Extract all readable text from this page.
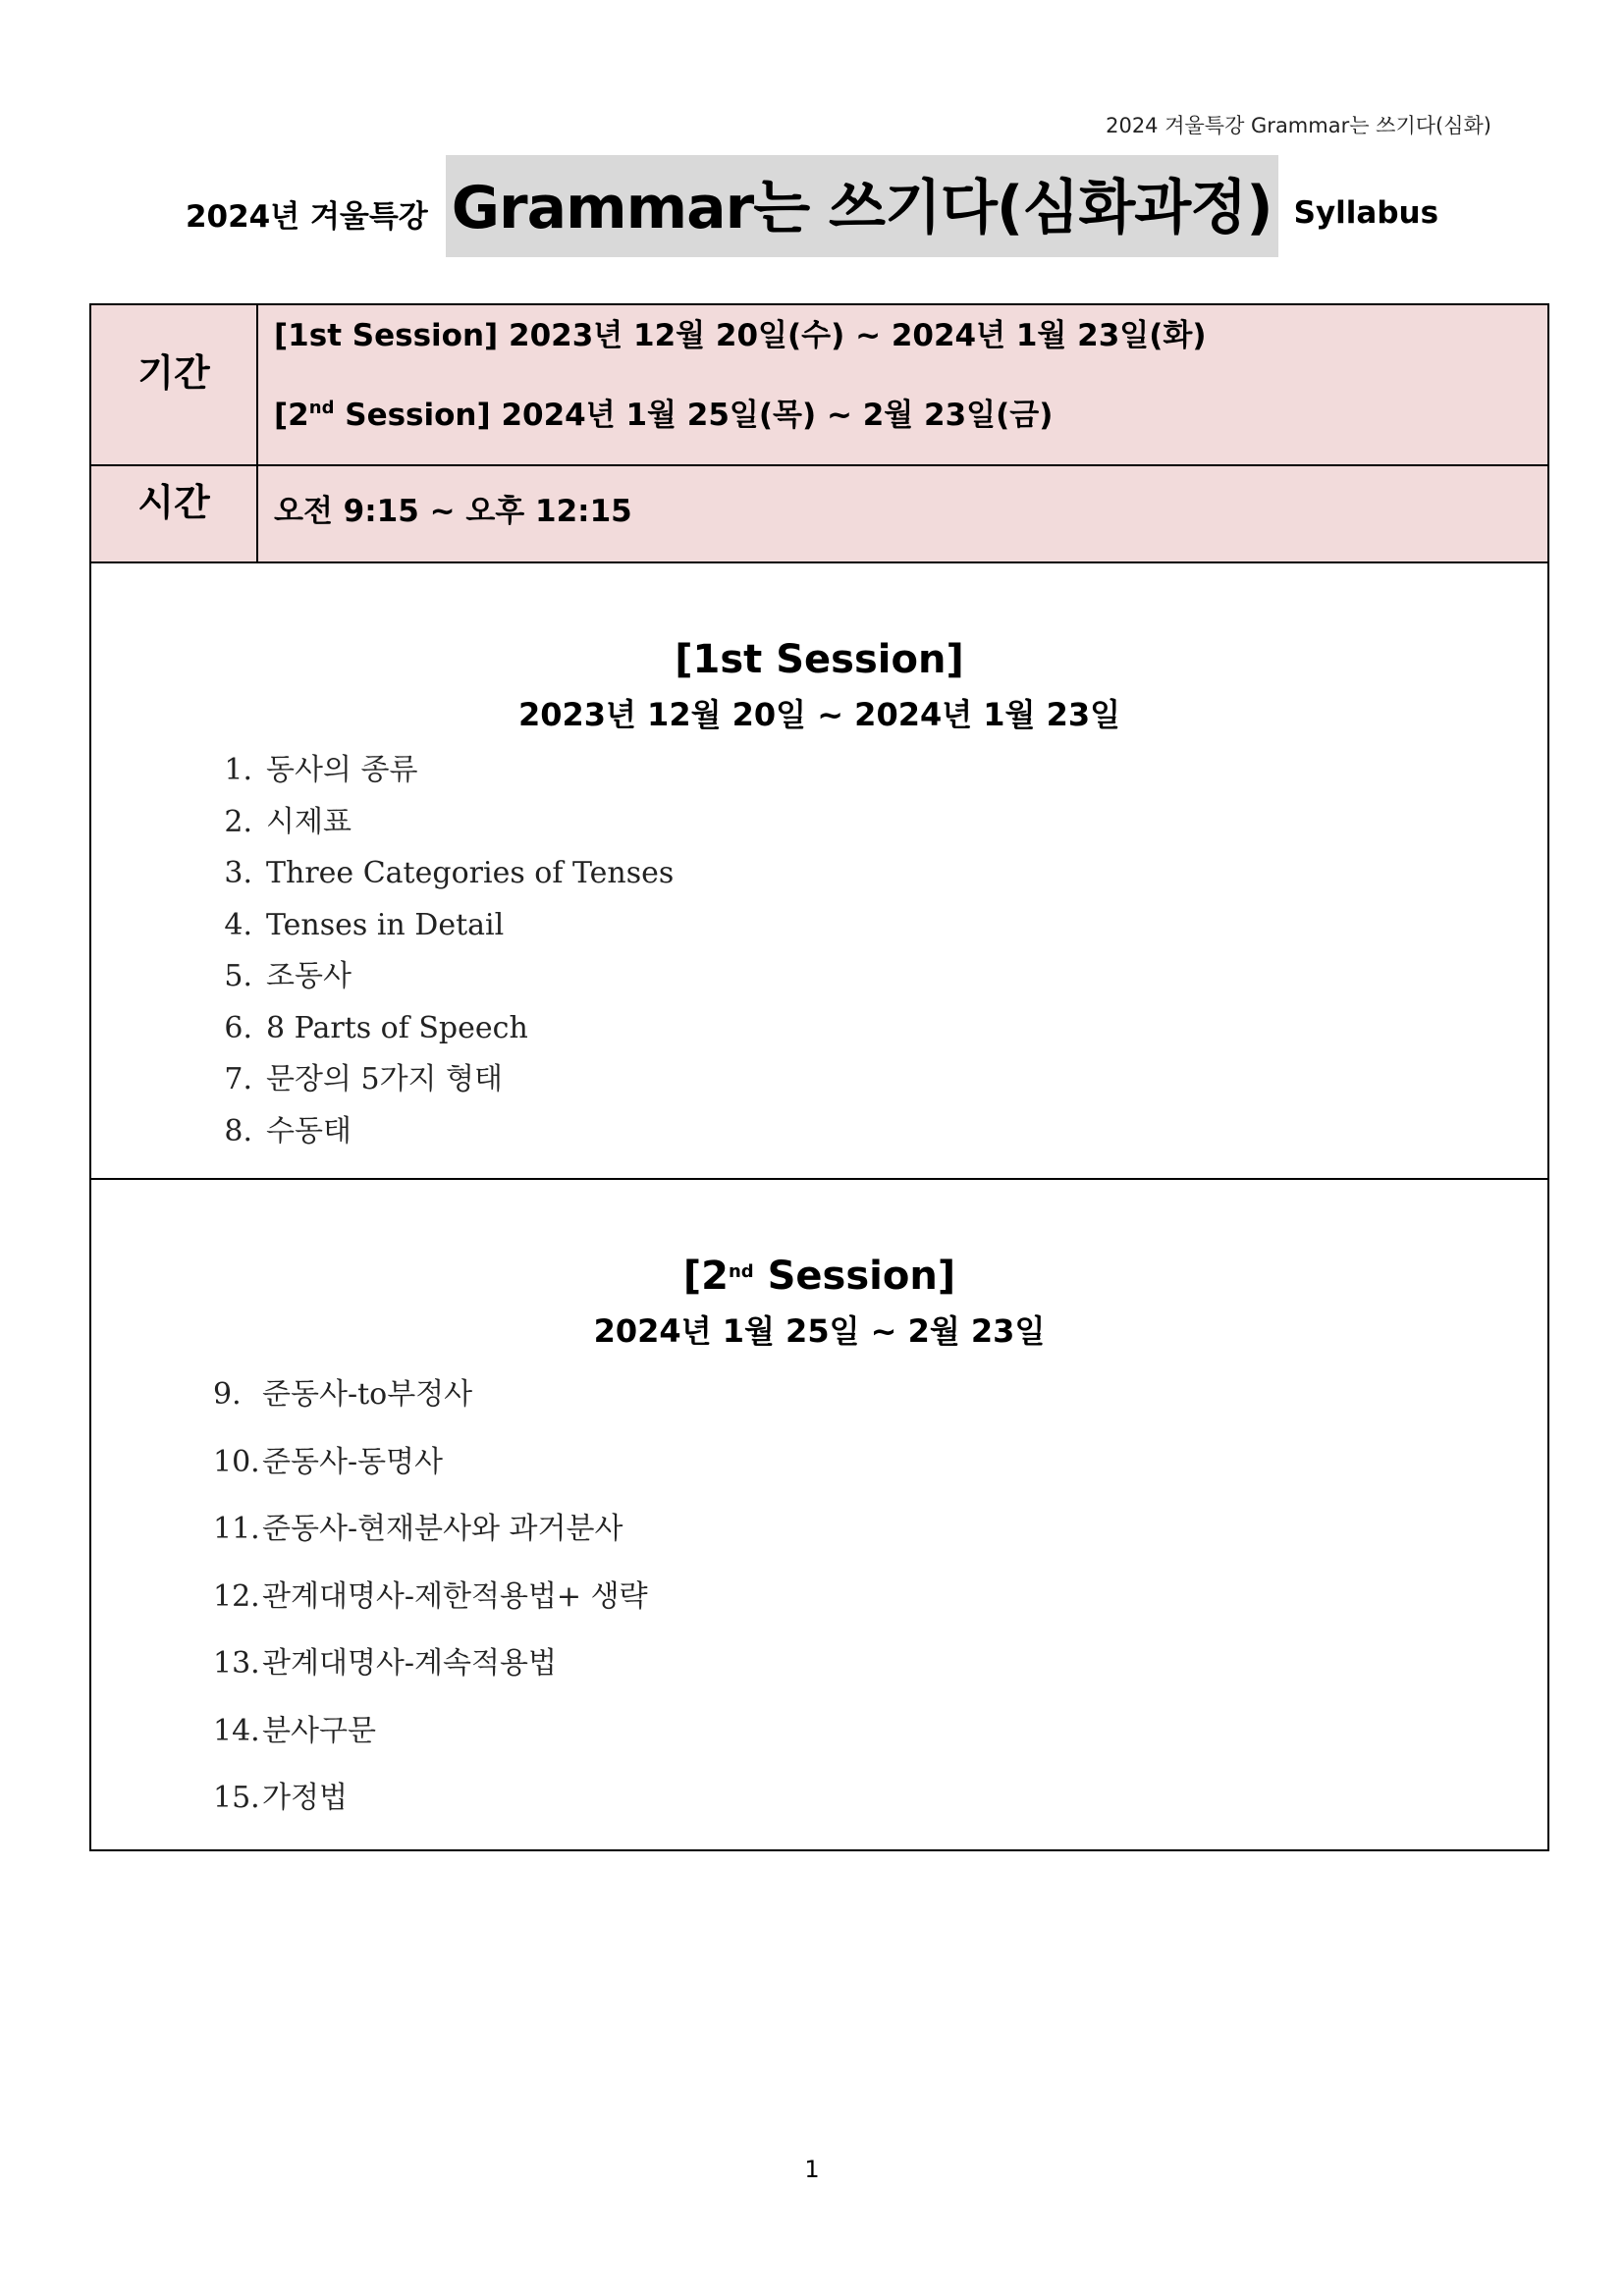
2024 겨울특강 Grammar는 쓰기다(심화)
2024년 겨울특강 Grammar는 쓰기다(심화과정) Syllabus
기간
[1st Session] 2023년 12월 20일(수) ~ 2024년 1월 23일(화)
[2nd Session] 2024년 1월 25일(목) ~ 2월 23일(금)
시간	오전 9:15 ~ 오후 12:15
[1st Session]
2023년 12월 20일 ~ 2024년 1월 23일
1. 동사의 종류
2. 시제표
3. Three Categories of Tenses
4. Tenses in Detail
5. 조동사
6. 8 Parts of Speech
7. 문장의 5가지 형태
8. 수동태
[2nd Session]
2024년 1월 25일 ~ 2월 23일
9. 준동사-to부정사
10. 준동사-동명사
11. 준동사-현재분사와 과거분사
12. 관계대명사-제한적용법+ 생략
13. 관계대명사-계속적용법
14. 분사구문
15. 가정법
1
